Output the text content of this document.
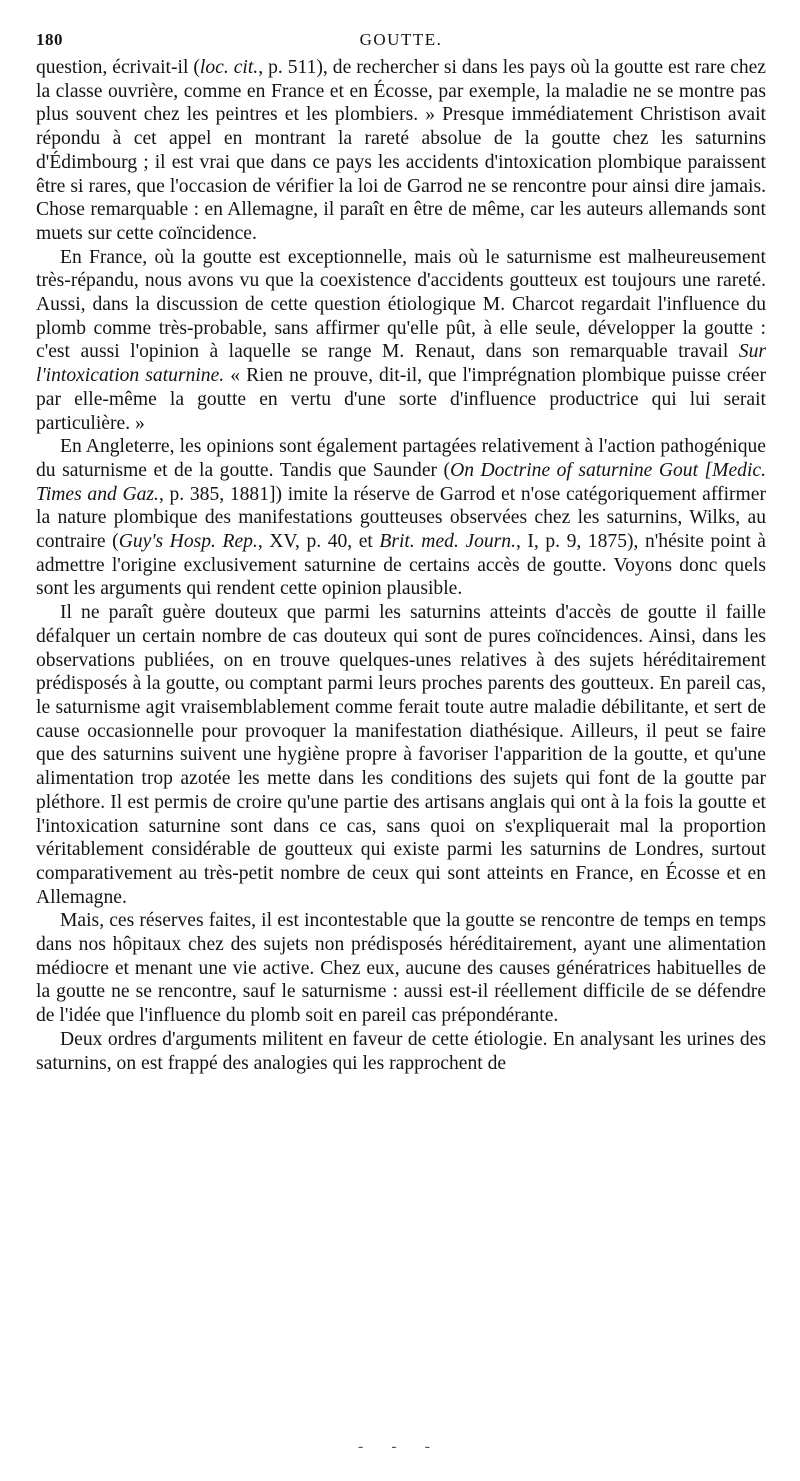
180	GOUTTE.

question, écrivait-il (loc. cit., p. 511), de rechercher si dans les pays où la goutte est rare chez la classe ouvrière, comme en France et en Écosse, par exemple, la maladie ne se montre pas plus souvent chez les peintres et les plombiers. » Presque immédiatement Christison avait répondu à cet appel en montrant la rareté absolue de la goutte chez les saturnins d'Édimbourg ; il est vrai que dans ce pays les accidents d'intoxication plombique paraissent être si rares, que l'occasion de vérifier la loi de Garrod ne se rencontre pour ainsi dire jamais. Chose remarquable : en Allemagne, il paraît en être de même, car les auteurs allemands sont muets sur cette coïncidence.

En France, où la goutte est exceptionnelle, mais où le saturnisme est malheureusement très-répandu, nous avons vu que la coexistence d'accidents goutteux est toujours une rareté. Aussi, dans la discussion de cette question étiologique M. Charcot regardait l'influence du plomb comme très-probable, sans affirmer qu'elle pût, à elle seule, développer la goutte : c'est aussi l'opinion à laquelle se range M. Renaut, dans son remarquable travail Sur l'intoxication saturnine. « Rien ne prouve, dit-il, que l'imprégnation plombique puisse créer par elle-même la goutte en vertu d'une sorte d'influence productrice qui lui serait particulière. »

En Angleterre, les opinions sont également partagées relativement à l'action pathogénique du saturnisme et de la goutte. Tandis que Saunder (On Doctrine of saturnine Gout [Medic. Times and Gaz., p. 385, 1881]) imite la réserve de Garrod et n'ose catégoriquement affirmer la nature plombique des manifestations goutteuses observées chez les saturnins, Wilks, au contraire (Guy's Hosp. Rep., XV, p. 40, et Brit. med. Journ., I, p. 9, 1875), n'hésite point à admettre l'origine exclusivement saturnine de certains accès de goutte. Voyons donc quels sont les arguments qui rendent cette opinion plausible.

Il ne paraît guère douteux que parmi les saturnins atteints d'accès de goutte il faille défalquer un certain nombre de cas douteux qui sont de pures coïncidences. Ainsi, dans les observations publiées, on en trouve quelques-unes relatives à des sujets héréditairement prédisposés à la goutte, ou comptant parmi leurs proches parents des goutteux. En pareil cas, le saturnisme agit vraisemblablement comme ferait toute autre maladie débilitante, et sert de cause occasionnelle pour provoquer la manifestation diathésique. Ailleurs, il peut se faire que des saturnins suivent une hygiène propre à favoriser l'apparition de la goutte, et qu'une alimentation trop azotée les mette dans les conditions des sujets qui font de la goutte par pléthore. Il est permis de croire qu'une partie des artisans anglais qui ont à la fois la goutte et l'intoxication saturnine sont dans ce cas, sans quoi on s'expliquerait mal la proportion véritablement considérable de goutteux qui existe parmi les saturnins de Londres, surtout comparativement au très-petit nombre de ceux qui sont atteints en France, en Écosse et en Allemagne.

Mais, ces réserves faites, il est incontestable que la goutte se rencontre de temps en temps dans nos hôpitaux chez des sujets non prédisposés héréditairement, ayant une alimentation médiocre et menant une vie active. Chez eux, aucune des causes génératrices habituelles de la goutte ne se rencontre, sauf le saturnisme : aussi est-il réellement difficile de se défendre de l'idée que l'influence du plomb soit en pareil cas prépondérante.

Deux ordres d'arguments militent en faveur de cette étiologie. En analysant les urines des saturnins, on est frappé des analogies qui les rapprochent de

- - -
